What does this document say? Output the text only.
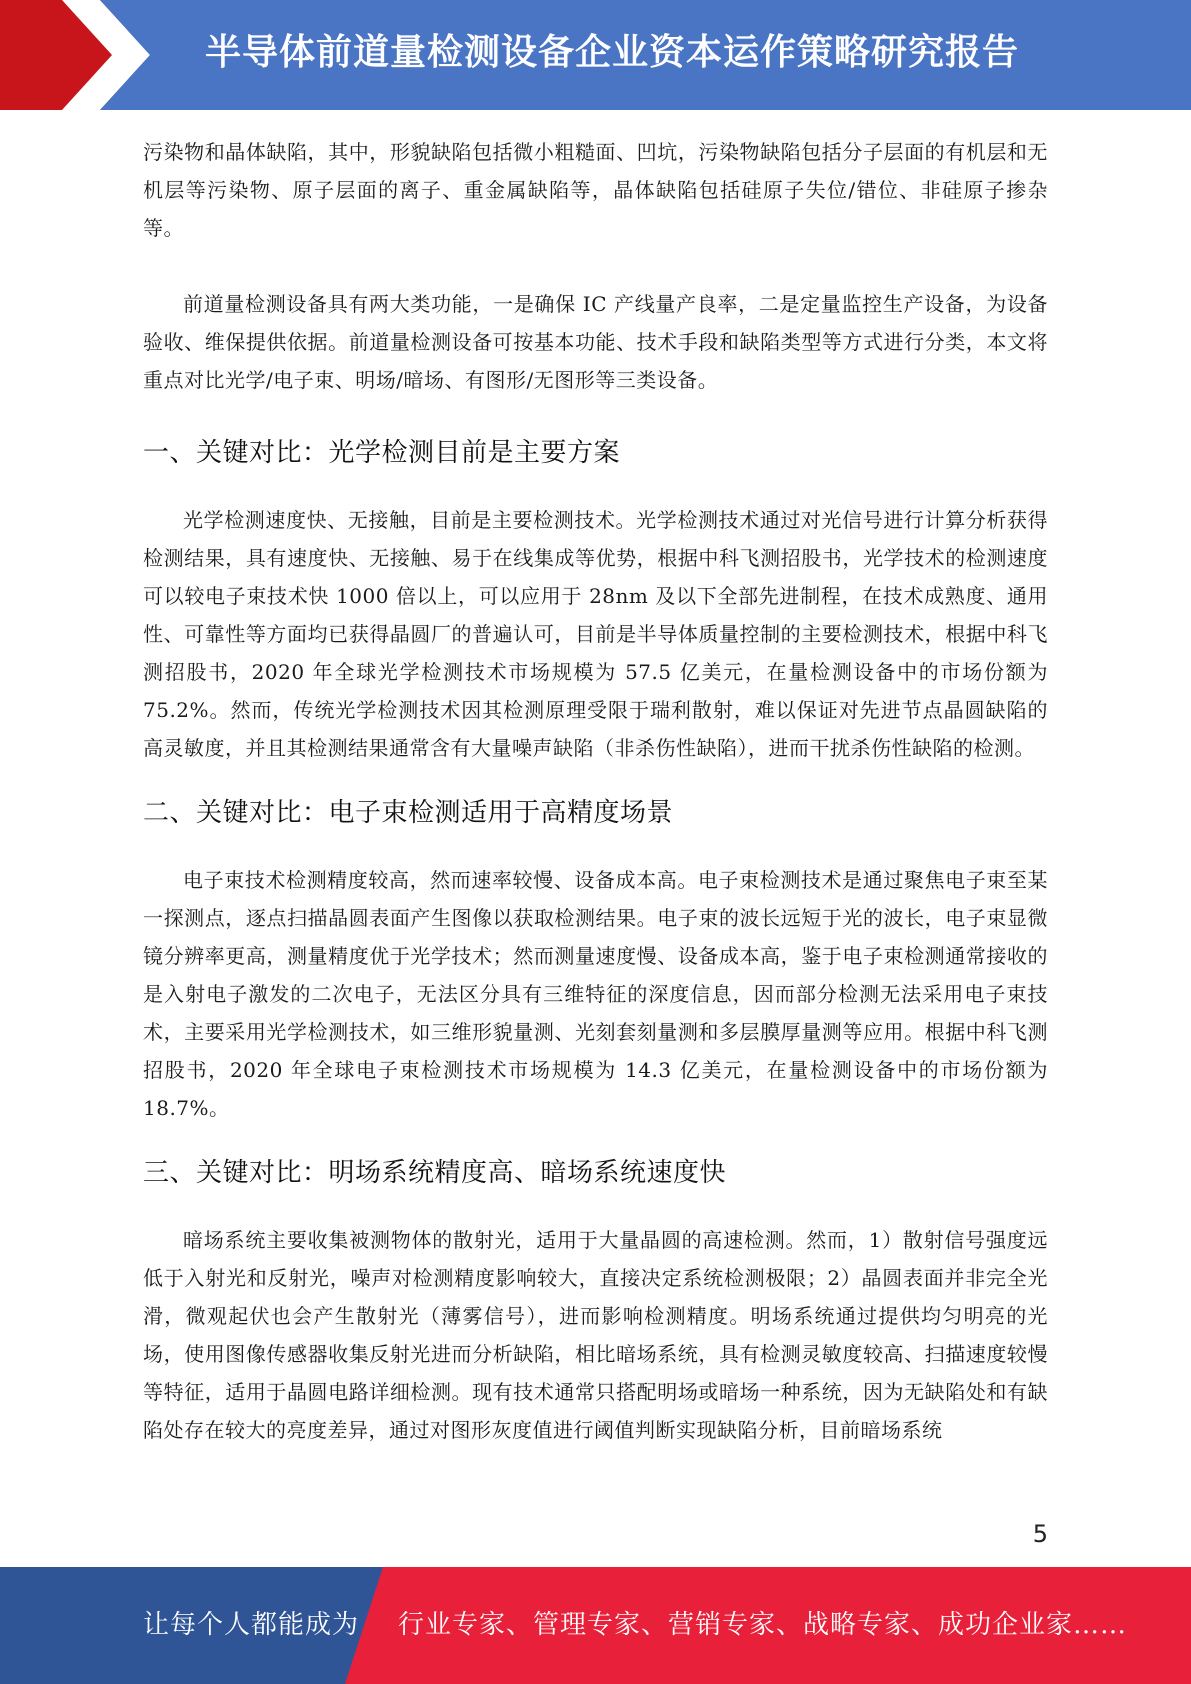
半导体前道量检测设备企业资本运作策略研究报告

污染物和晶体缺陷，其中，形貌缺陷包括微小粗糙面、凹坑，污染物缺陷包括分子层面的有机层和无机层等污染物、原子层面的离子、重金属缺陷等，晶体缺陷包括硅原子失位/错位、非硅原子掺杂等。

前道量检测设备具有两大类功能，一是确保 IC 产线量产良率，二是定量监控生产设备，为设备验收、维保提供依据。前道量检测设备可按基本功能、技术手段和缺陷类型等方式进行分类，本文将重点对比光学/电子束、明场/暗场、有图形/无图形等三类设备。

一、关键对比：光学检测目前是主要方案

光学检测速度快、无接触，目前是主要检测技术。光学检测技术通过对光信号进行计算分析获得检测结果，具有速度快、无接触、易于在线集成等优势，根据中科飞测招股书，光学技术的检测速度可以较电子束技术快 1000 倍以上，可以应用于 28nm 及以下全部先进制程，在技术成熟度、通用性、可靠性等方面均已获得晶圆厂的普遍认可，目前是半导体质量控制的主要检测技术，根据中科飞测招股书，2020 年全球光学检测技术市场规模为 57.5 亿美元，在量检测设备中的市场份额为 75.2%。然而，传统光学检测技术因其检测原理受限于瑞利散射，难以保证对先进节点晶圆缺陷的高灵敏度，并且其检测结果通常含有大量噪声缺陷（非杀伤性缺陷），进而干扰杀伤性缺陷的检测。

二、关键对比：电子束检测适用于高精度场景

电子束技术检测精度较高，然而速率较慢、设备成本高。电子束检测技术是通过聚焦电子束至某一探测点，逐点扫描晶圆表面产生图像以获取检测结果。电子束的波长远短于光的波长，电子束显微镜分辨率更高，测量精度优于光学技术；然而测量速度慢、设备成本高，鉴于电子束检测通常接收的是入射电子激发的二次电子，无法区分具有三维特征的深度信息，因而部分检测无法采用电子束技术，主要采用光学检测技术，如三维形貌量测、光刻套刻量测和多层膜厚量测等应用。根据中科飞测招股书，2020 年全球电子束检测技术市场规模为 14.3 亿美元，在量检测设备中的市场份额为 18.7%。

三、关键对比：明场系统精度高、暗场系统速度快

暗场系统主要收集被测物体的散射光，适用于大量晶圆的高速检测。然而，1）散射信号强度远低于入射光和反射光，噪声对检测精度影响较大，直接决定系统检测极限；2）晶圆表面并非完全光滑，微观起伏也会产生散射光（薄雾信号），进而影响检测精度。明场系统通过提供均匀明亮的光场，使用图像传感器收集反射光进而分析缺陷，相比暗场系统，具有检测灵敏度较高、扫描速度较慢等特征，适用于晶圆电路详细检测。现有技术通常只搭配明场或暗场一种系统，因为无缺陷处和有缺陷处存在较大的亮度差异，通过对图形灰度值进行阈值判断实现缺陷分析，目前暗场系统

5
让每个人都能成为 行业专家、管理专家、营销专家、战略专家、成功企业家……
